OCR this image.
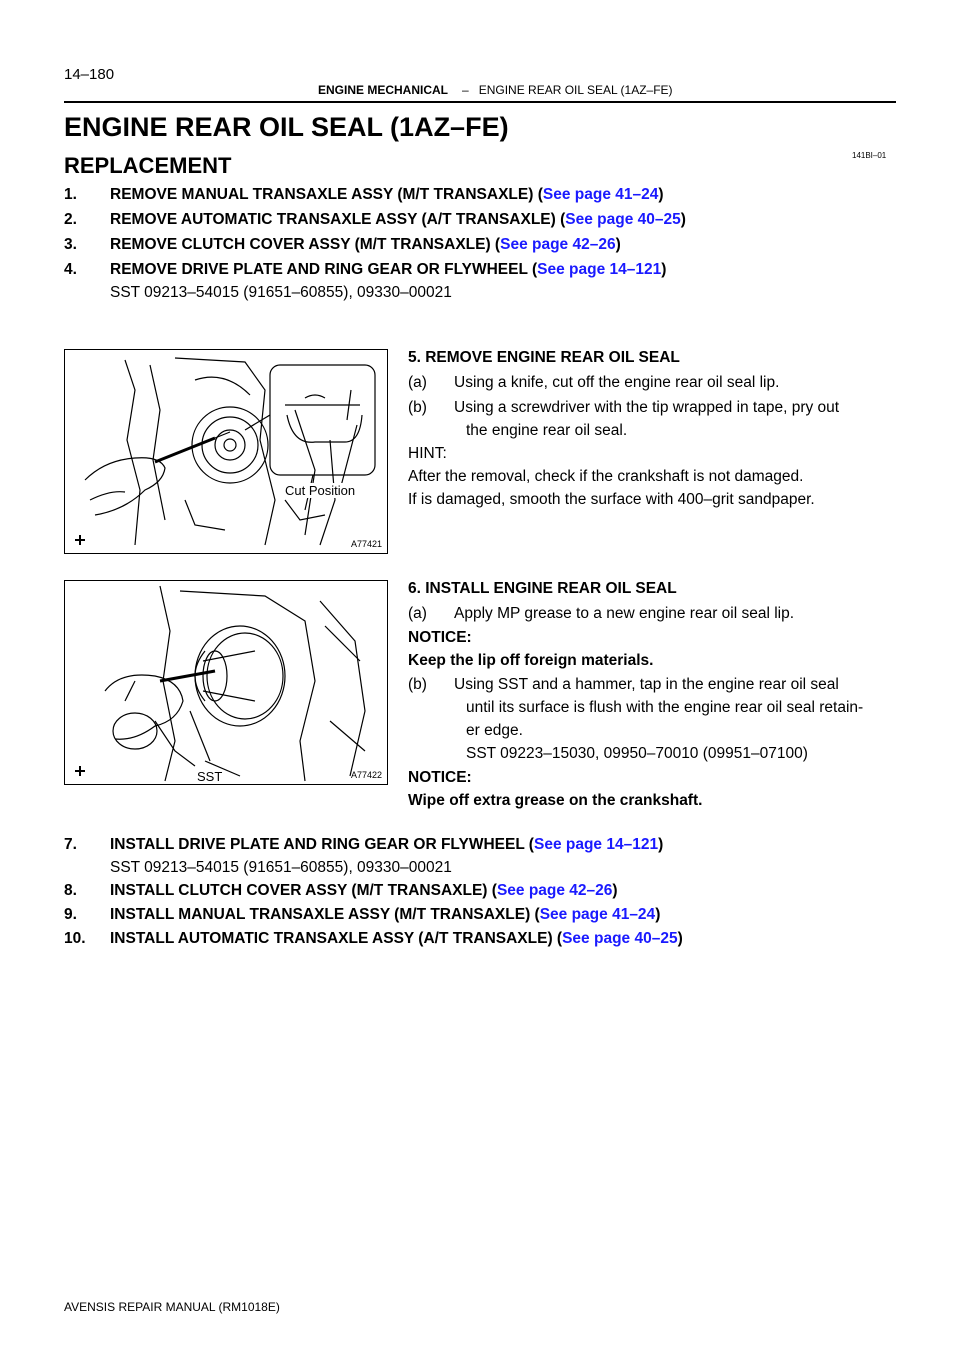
14–180
ENGINE MECHANICAL – ENGINE REAR OIL SEAL (1AZ–FE)
ENGINE REAR OIL SEAL (1AZ–FE)
141BI–01
REPLACEMENT
1. REMOVE MANUAL TRANSAXLE ASSY (M/T TRANSAXLE) (See page 41–24)
2. REMOVE AUTOMATIC TRANSAXLE ASSY (A/T TRANSAXLE) (See page 40–25)
3. REMOVE CLUTCH COVER ASSY (M/T TRANSAXLE) (See page 42–26)
4. REMOVE DRIVE PLATE AND RING GEAR OR FLYWHEEL (See page 14–121)
SST 09213–54015 (91651–60855), 09330–00021
Cut Position
A77421
5. REMOVE ENGINE REAR OIL SEAL
(a) Using a knife, cut off the engine rear oil seal lip.
(b) Using a screwdriver with the tip wrapped in tape, pry out
the engine rear oil seal.
HINT:
After the removal, check if the crankshaft is not damaged.
If is damaged, smooth the surface with 400–grit sandpaper.
SST	A77422
6. INSTALL ENGINE REAR OIL SEAL
(a) Apply MP grease to a new engine rear oil seal lip.
NOTICE:
Keep the lip off foreign materials.
(b) Using SST and a hammer, tap in the engine rear oil seal
until its surface is flush with the engine rear oil seal retain-
er edge.
SST 09223–15030, 09950–70010 (09951–07100)
NOTICE:
Wipe off extra grease on the crankshaft.
7. INSTALL DRIVE PLATE AND RING GEAR OR FLYWHEEL (See page 14–121)
SST 09213–54015 (91651–60855), 09330–00021
8. INSTALL CLUTCH COVER ASSY (M/T TRANSAXLE) (See page 42–26)
9. INSTALL MANUAL TRANSAXLE ASSY (M/T TRANSAXLE) (See page 41–24)
10. INSTALL AUTOMATIC TRANSAXLE ASSY (A/T TRANSAXLE) (See page 40–25)
AVENSIS REPAIR MANUAL (RM1018E)
